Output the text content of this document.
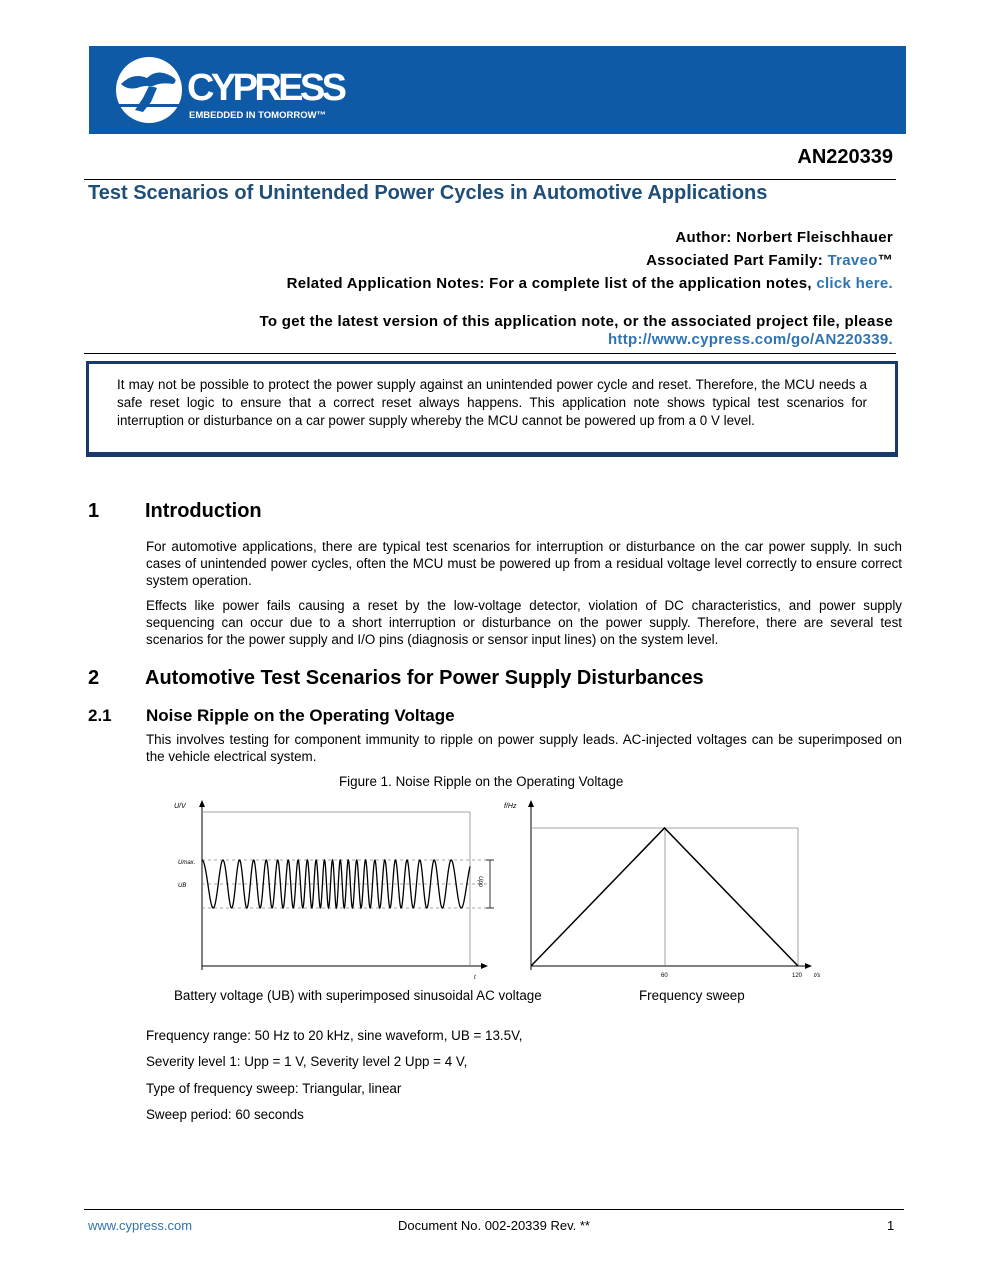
CYPRESS
EMBEDDED IN TOMORROW™
AN220339
Test Scenarios of Unintended Power Cycles in Automotive Applications
Author: Norbert Fleischhauer
Associated Part Family: Traveo™
Related Application Notes: For a complete list of the application notes, click here.
To get the latest version of this application note, or the associated project file, please
http://www.cypress.com/go/AN220339.
It may not be possible to protect the power supply against an unintended power cycle and reset. Therefore, the MCU needs a safe reset logic to ensure that a correct reset always happens. This application note shows typical test scenarios for interruption or disturbance on a car power supply whereby the MCU cannot be powered up from a 0 V level.
1 Introduction
For automotive applications, there are typical test scenarios for interruption or disturbance on the car power supply. In such cases of unintended power cycles, often the MCU must be powered up from a residual voltage level correctly to ensure correct system operation.
Effects like power fails causing a reset by the low-voltage detector, violation of DC characteristics, and power supply sequencing can occur due to a short interruption or disturbance on the power supply. Therefore, there are several test scenarios for the power supply and I/O pins (diagnosis or sensor input lines) on the system level.
2 Automotive Test Scenarios for Power Supply Disturbances
2.1 Noise Ripple on the Operating Voltage
This involves testing for component immunity to ripple on power supply leads. AC-injected voltages can be superimposed on the vehicle electrical system.
Figure 1. Noise Ripple on the Operating Voltage
U/V
Umax.
UB
t
Upp
f/Hz
60	120 t/s
Battery voltage (UB) with superimposed sinusoidal AC voltage	Frequency sweep
Frequency range: 50 Hz to 20 kHz, sine waveform, UB = 13.5V,
Severity level 1: Upp = 1 V, Severity level 2 Upp = 4 V,
Type of frequency sweep: Triangular, linear
Sweep period: 60 seconds
www.cypress.com	Document No. 002-20339 Rev. **	1
